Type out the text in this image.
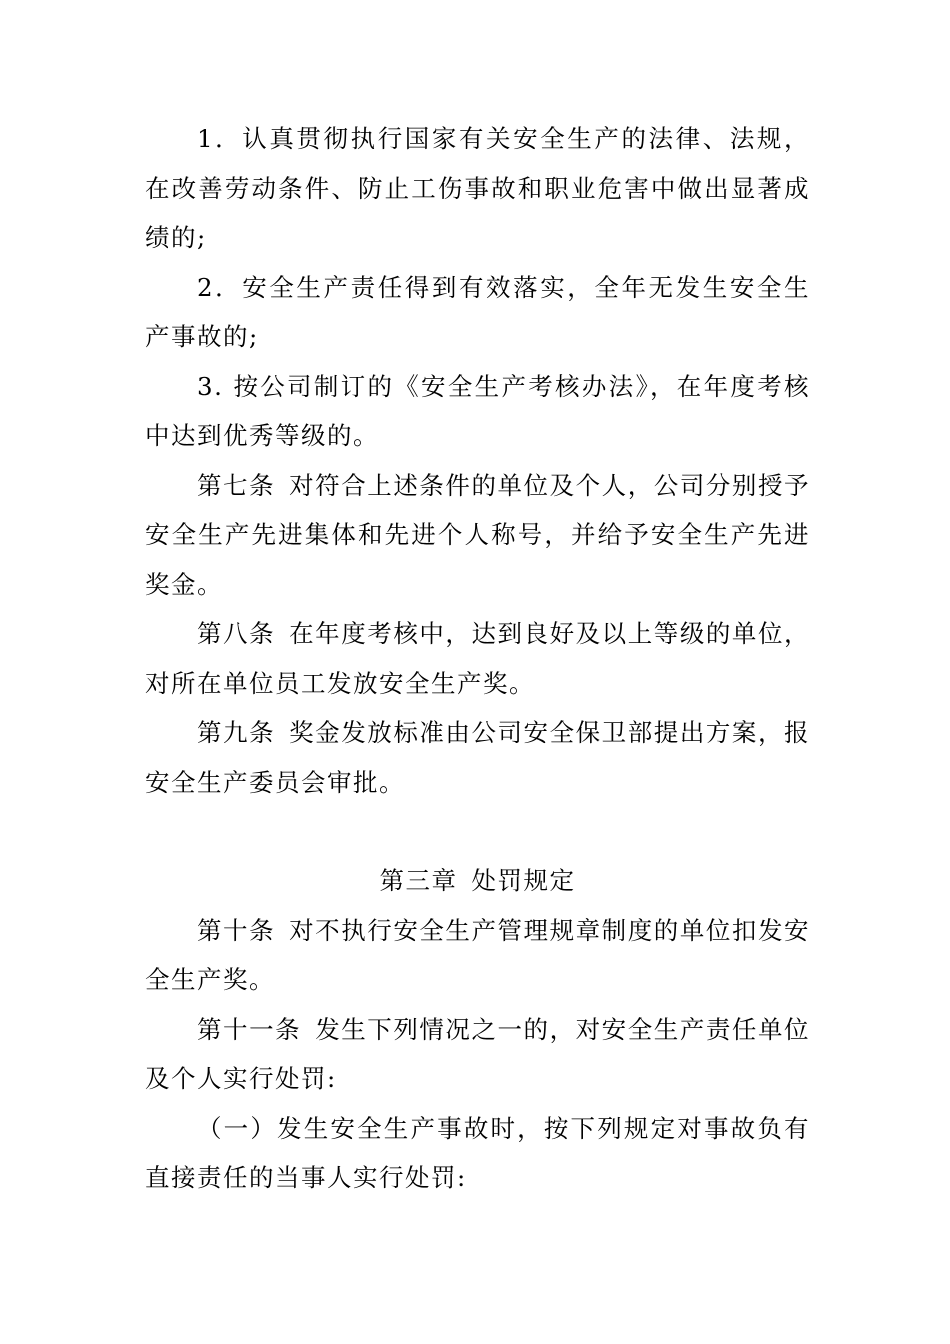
1．认真贯彻执行国家有关安全生产的法律、法规，在改善劳动条件、防止工伤事故和职业危害中做出显著成绩的;

2．安全生产责任得到有效落实，全年无发生安全生产事故的;

3. 按公司制订的《安全生产考核办法》，在年度考核中达到优秀等级的。

第七条 对符合上述条件的单位及个人，公司分别授予安全生产先进集体和先进个人称号，并给予安全生产先进奖金。

第八条 在年度考核中，达到良好及以上等级的单位，对所在单位员工发放安全生产奖。

第九条 奖金发放标准由公司安全保卫部提出方案，报安全生产委员会审批。

第三章 处罚规定

第十条 对不执行安全生产管理规章制度的单位扣发安全生产奖。

第十一条 发生下列情况之一的，对安全生产责任单位及个人实行处罚:

（一）发生安全生产事故时，按下列规定对事故负有直接责任的当事人实行处罚:
